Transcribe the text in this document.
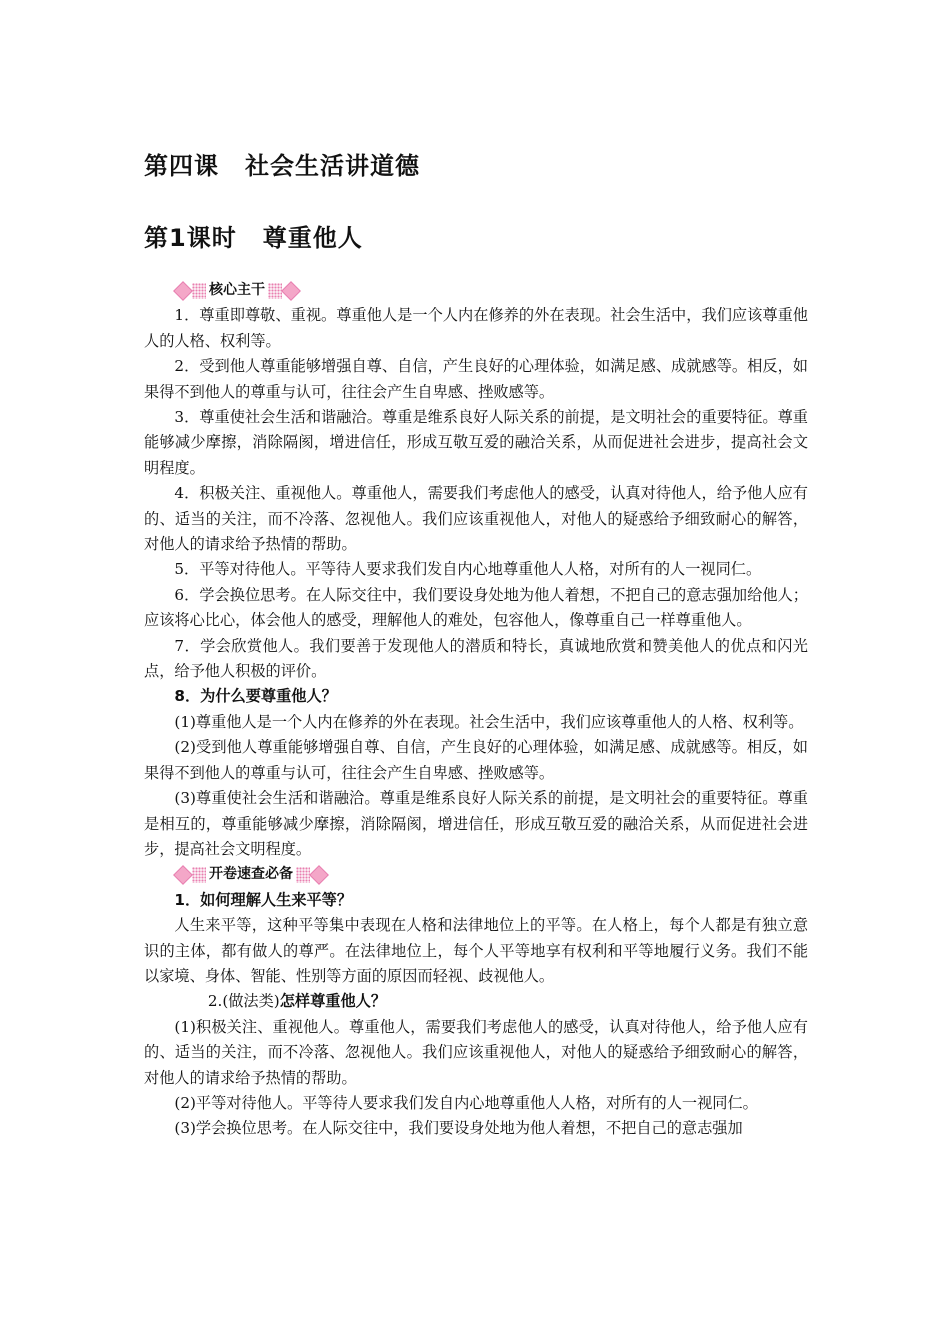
第四课 社会生活讲道德
第1课时 尊重他人
核心主干

1．尊重即尊敬、重视。尊重他人是一个人内在修养的外在表现。社会生活中，我们应该尊重他人的人格、权利等。

2．受到他人尊重能够增强自尊、自信，产生良好的心理体验，如满足感、成就感等。相反，如果得不到他人的尊重与认可，往往会产生自卑感、挫败感等。

3．尊重使社会生活和谐融洽。尊重是维系良好人际关系的前提，是文明社会的重要特征。尊重能够减少摩擦，消除隔阂，增进信任，形成互敬互爱的融洽关系，从而促进社会进步，提高社会文明程度。

4．积极关注、重视他人。尊重他人，需要我们考虑他人的感受，认真对待他人，给予他人应有的、适当的关注，而不冷落、忽视他人。我们应该重视他人，对他人的疑惑给予细致耐心的解答，对他人的请求给予热情的帮助。

5．平等对待他人。平等待人要求我们发自内心地尊重他人人格，对所有的人一视同仁。

6．学会换位思考。在人际交往中，我们要设身处地为他人着想，不把自己的意志强加给他人；应该将心比心，体会他人的感受，理解他人的难处，包容他人，像尊重自己一样尊重他人。

7．学会欣赏他人。我们要善于发现他人的潜质和特长，真诚地欣赏和赞美他人的优点和闪光点，给予他人积极的评价。

8．为什么要尊重他人？

(1)尊重他人是一个人内在修养的外在表现。社会生活中，我们应该尊重他人的人格、权利等。

(2)受到他人尊重能够增强自尊、自信，产生良好的心理体验，如满足感、成就感等。相反，如果得不到他人的尊重与认可，往往会产生自卑感、挫败感等。

(3)尊重使社会生活和谐融洽。尊重是维系良好人际关系的前提，是文明社会的重要特征。尊重是相互的，尊重能够减少摩擦，消除隔阂，增进信任，形成互敬互爱的融洽关系，从而促进社会进步，提高社会文明程度。

开卷速查必备

1．如何理解人生来平等？

人生来平等，这种平等集中表现在人格和法律地位上的平等。在人格上，每个人都是有独立意识的主体，都有做人的尊严。在法律地位上，每个人平等地享有权利和平等地履行义务。我们不能以家境、身体、智能、性别等方面的原因而轻视、歧视他人。

2.(做法类)怎样尊重他人？

(1)积极关注、重视他人。尊重他人，需要我们考虑他人的感受，认真对待他人，给予他人应有的、适当的关注，而不冷落、忽视他人。我们应该重视他人，对他人的疑惑给予细致耐心的解答，对他人的请求给予热情的帮助。

(2)平等对待他人。平等待人要求我们发自内心地尊重他人人格，对所有的人一视同仁。

(3)学会换位思考。在人际交往中，我们要设身处地为他人着想，不把自己的意志强加
